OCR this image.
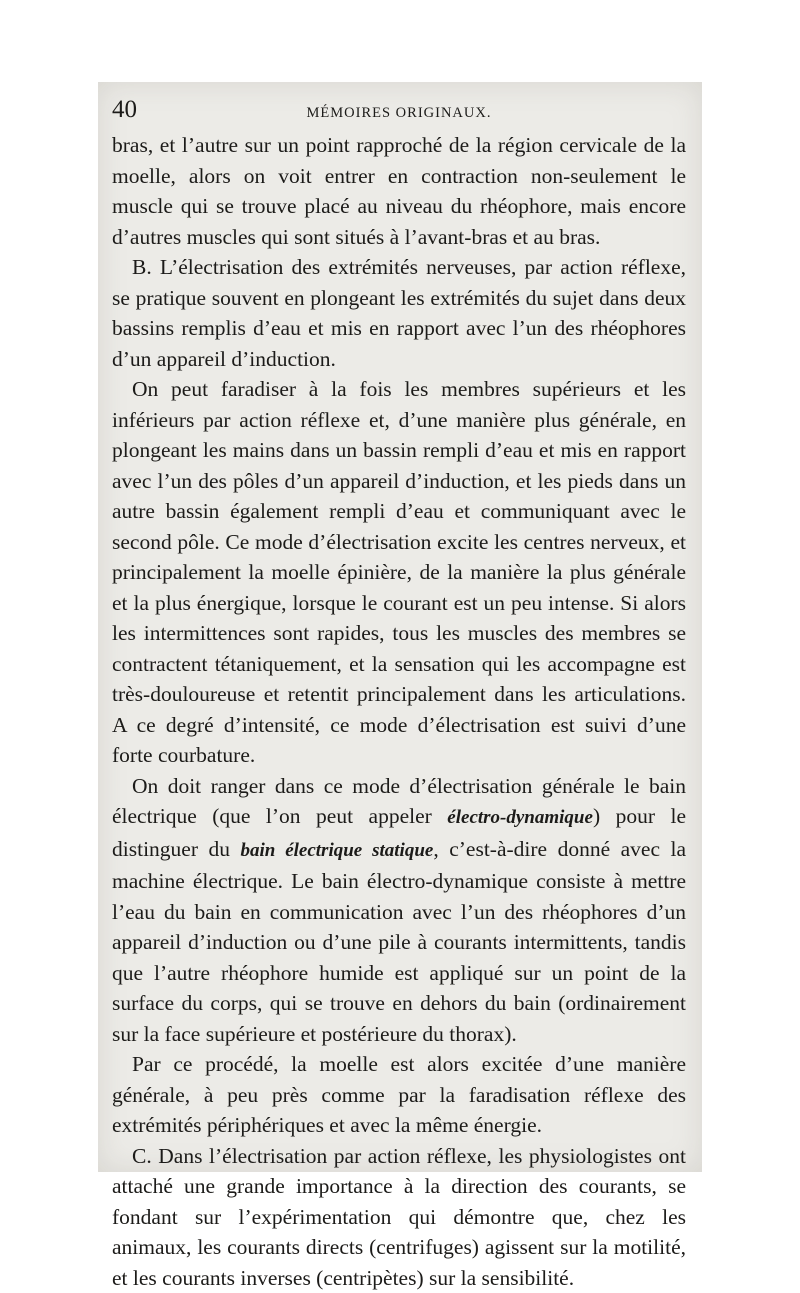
40	MÉMOIRES ORIGINAUX.

bras, et l’autre sur un point rapproché de la région cervicale de la moelle, alors on voit entrer en contraction non-seulement le muscle qui se trouve placé au niveau du rhéophore, mais encore d’autres muscles qui sont situés à l’avant-bras et au bras.

B. L’électrisation des extrémités nerveuses, par action réflexe, se pratique souvent en plongeant les extrémités du sujet dans deux bassins remplis d’eau et mis en rapport avec l’un des rhéophores d’un appareil d’induction.

On peut faradiser à la fois les membres supérieurs et les inférieurs par action réflexe et, d’une manière plus générale, en plongeant les mains dans un bassin rempli d’eau et mis en rapport avec l’un des pôles d’un appareil d’induction, et les pieds dans un autre bassin également rempli d’eau et communiquant avec le second pôle. Ce mode d’électrisation excite les centres nerveux, et principalement la moelle épinière, de la manière la plus générale et la plus énergique, lorsque le courant est un peu intense. Si alors les intermittences sont rapides, tous les muscles des membres se contractent tétaniquement, et la sensation qui les accompagne est très-douloureuse et retentit principalement dans les articulations. A ce degré d’intensité, ce mode d’électrisation est suivi d’une forte courbature.

On doit ranger dans ce mode d’électrisation générale le bain électrique (que l’on peut appeler électro-dynamique) pour le distinguer du bain électrique statique, c’est-à-dire donné avec la machine électrique. Le bain électro-dynamique consiste à mettre l’eau du bain en communication avec l’un des rhéophores d’un appareil d’induction ou d’une pile à courants intermittents, tandis que l’autre rhéophore humide est appliqué sur un point de la surface du corps, qui se trouve en dehors du bain (ordinairement sur la face supérieure et postérieure du thorax).

Par ce procédé, la moelle est alors excitée d’une manière générale, à peu près comme par la faradisation réflexe des extrémités périphériques et avec la même énergie.

C. Dans l’électrisation par action réflexe, les physiologistes ont attaché une grande importance à la direction des courants, se fondant sur l’expérimentation qui démontre que, chez les animaux, les courants directs (centrifuges) agissent sur la motilité, et les courants inverses (centripètes) sur la sensibilité.
